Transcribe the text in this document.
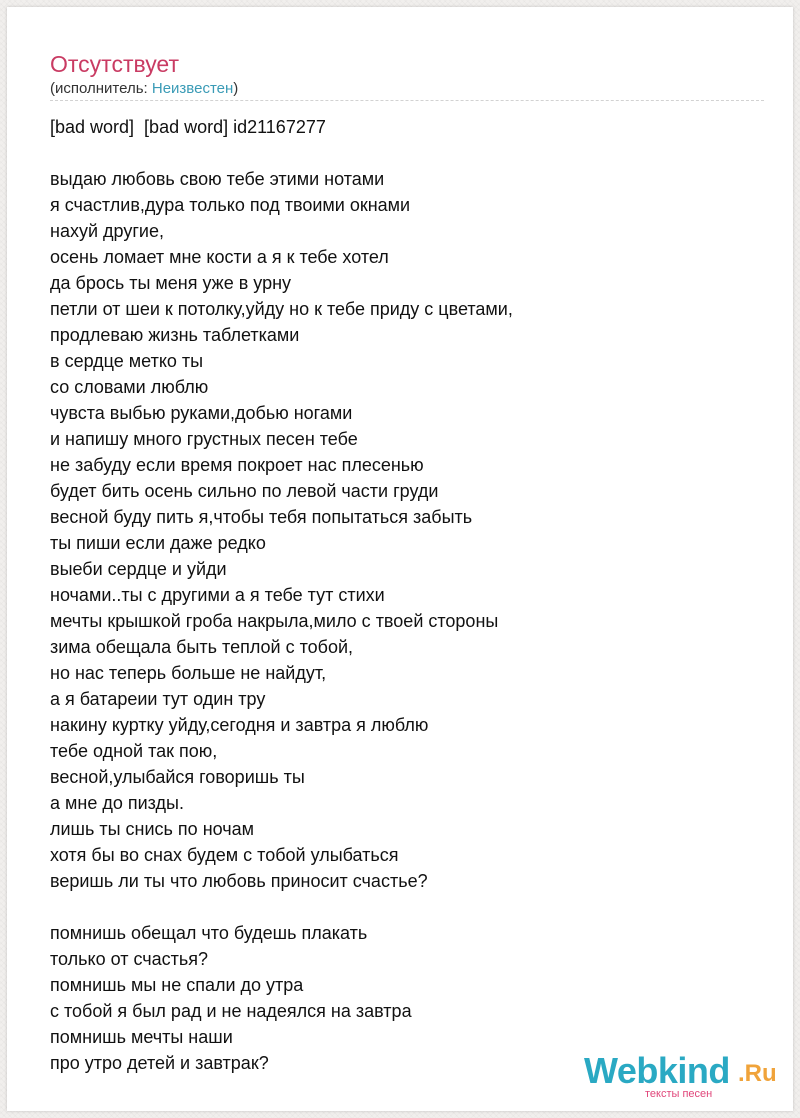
Отсутствует
(исполнитель: Неизвестен)
[bad word]  [bad word] id21167277
выдаю любовь свою тебе этими нотами
я счастлив,дура только под твоими окнами
нахуй другие,
осень ломает мне кости а я к тебе хотел
да брось ты меня уже в урну
петли от шеи к потолку,уйду но к тебе приду с цветами,
продлеваю жизнь таблетками
в сердце метко ты
со словами люблю
чувста выбью руками,добью ногами
и напишу много грустных песен тебе
не забуду если время покроет нас плесенью
будет бить осень сильно по левой части груди
весной буду пить я,чтобы тебя попытаться забыть
ты пиши если даже редко
выеби сердце и уйди
ночами..ты с другими а я тебе тут стихи
мечты крышкой гроба накрыла,мило с твоей стороны
зима обещала быть теплой с тобой,
но нас теперь больше не найдут,
а я батареии тут один тру
накину куртку уйду,сегодня и завтра я люблю
тебе одной так пою,
весной,улыбайся говоришь ты
а мне до пизды.
лишь ты снись по ночам
хотя бы во снах будем с тобой улыбаться
веришь ли ты что любовь приносит счастье?
помнишь обещал что будешь плакать
только от счастья?
помнишь мы не спали до утра
с тобой я был рад и не надеялся на завтра
помнишь мечты наши
про утро детей и завтрак?	Webkind .Ru
тексты песен
